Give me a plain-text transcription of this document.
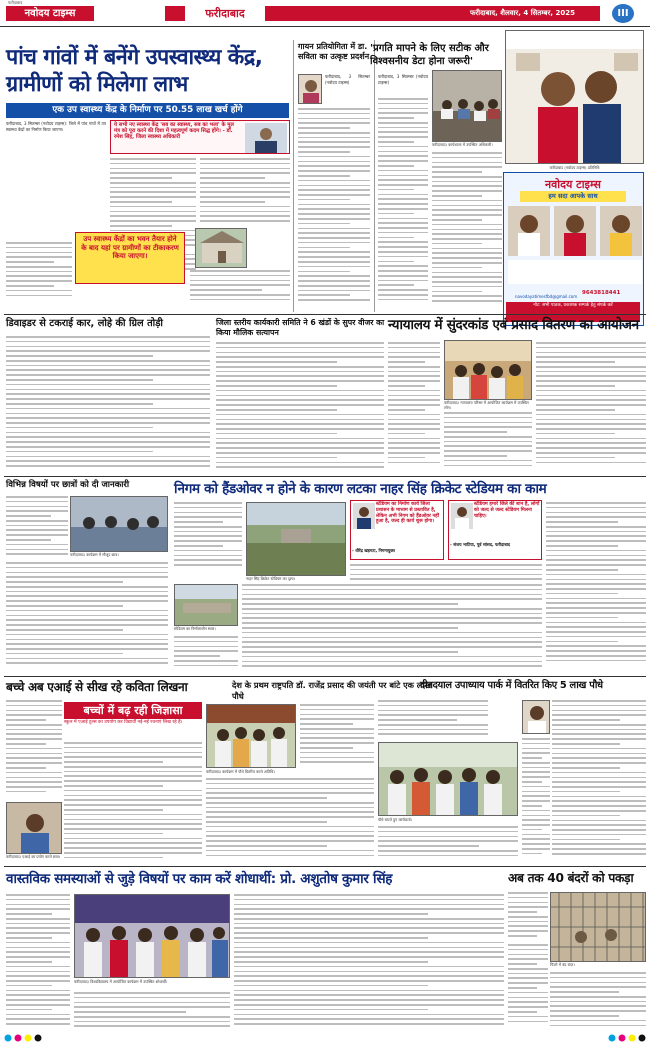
फरीदाबाद
नवोदय टाइम्स	फरीदाबाद	फरीदाबाद, शैलवार, 4 सितम्बर, 2025	III
पांच गांवों में बनेंगे उपस्वास्थ्य केंद्र, ग्रामीणों को मिलेगा लाभ
एक उप स्वास्थ्य केंद्र के निर्माण पर 50.55 लाख खर्च होंगे
फरीदाबाद, 3 सितम्बर (नवोदय टाइम्स): जिले में पांच गांवों में उप स्वास्थ्य केंद्रों का निर्माण किया जाएगा।
ये सभी नए स्वास्थ्य केंद्र 'सब का स्वास्थ्य, सब का भला' के मूल मंत्र को पूरा करने की दिशा में महत्वपूर्ण कदम सिद्ध होंगे। - डॉ. रमेश सिंह, जिला स्वास्थ्य अधिकारी
उप स्वास्थ्य केंद्रों का भवन तैयार होने के बाद यहां पर ग्रामीणों का टीकाकरण किया जाएगा।
गायन प्रतियोगिता में डा. सविता का उत्कृष्ट प्रदर्शन
फरीदाबाद, 3 सितम्बर (नवोदय टाइम्स)
'प्रगति मापने के लिए सटीक और विश्वसनीय डेटा होना जरूरी'
फरीदाबाद, 3 सितम्बर (नवोदय टाइम्स)
फरीदाबाद। कार्यशाला में उपस्थित अधिकारी।
फरीदाबाद (नवोदय टाइम्स) प्रतिनिधि
नवोदय टाइम्स
हम सदा आपके साथ
navodayatimesfbd@gmail.com
9643818441
नोट: सभी पाठक, प्रकाशक सम्पर्क हेतु संपर्क करें
डिवाइडर से टकराई कार, लोहे की ग्रिल तोड़ी	जिला स्तरीय कार्यकारी समिति ने 6 खंडों के सुपर वीजर का किया मौलिक सत्यापन	न्यायालय में सुंदरकांड एवं प्रसाद वितरण का आयोजन
फरीदाबाद। न्यायालय परिसर में आयोजित कार्यक्रम में उपस्थित लोग।
विभिन्न विषयों पर छात्रों को दी जानकारी
फरीदाबाद। कार्यक्रम में मौजूद छात्र।
निगम को हैंडओवर न होने के कारण लटका नाहर सिंह क्रिकेट स्टेडियम का काम
नाहर सिंह क्रिकेट स्टेडियम का दृश्य।
स्टेडियम का निर्माण कार्य जिला प्रशासन के माध्यम से प्रस्तावित है, लेकिन अभी निगम को हैंडओवर नहीं हुआ है, जल्द ही कार्य शुरू होगा।
- धीरेंद्र खड़गटा, निगमायुक्त
स्टेडियम हमारे जिले की शान है, लोगों को जल्द से जल्द स्टेडियम मिलना चाहिए।
- संजय भाटिया, पूर्व सांसद, फरीदाबाद
स्टेडियम का निर्माणाधीन स्थल।
बच्चे अब एआई से सीख रहे कविता लिखना
बच्चों में बढ़ रही जिज्ञासा
स्कूल में एआई टूल्स का उपयोग कर विद्यार्थी नई-नई रचनाएं लिख रहे हैं।
फरीदाबाद। एआई का प्रयोग करते छात्र।
देश के प्रथम राष्ट्रपति डॉ. राजेंद्र प्रसाद की जयंती पर बांटे एक लाख पौधे
फरीदाबाद। कार्यक्रम में पौधे वितरित करते अतिथि।
दीनदयाल उपाध्याय पार्क में वितरित किए 5 लाख पौधे
पौधे बांटते हुए कार्यकर्ता।
वास्तविक समस्याओं से जुड़े विषयों पर काम करें शोधार्थी: प्रो. अशुतोष कुमार सिंह
फरीदाबाद। विश्वविद्यालय में आयोजित कार्यक्रम में उपस्थित शोधार्थी।
अब तक 40 बंदरों को पकड़ा
पिंजरे में बंद बंदर।
